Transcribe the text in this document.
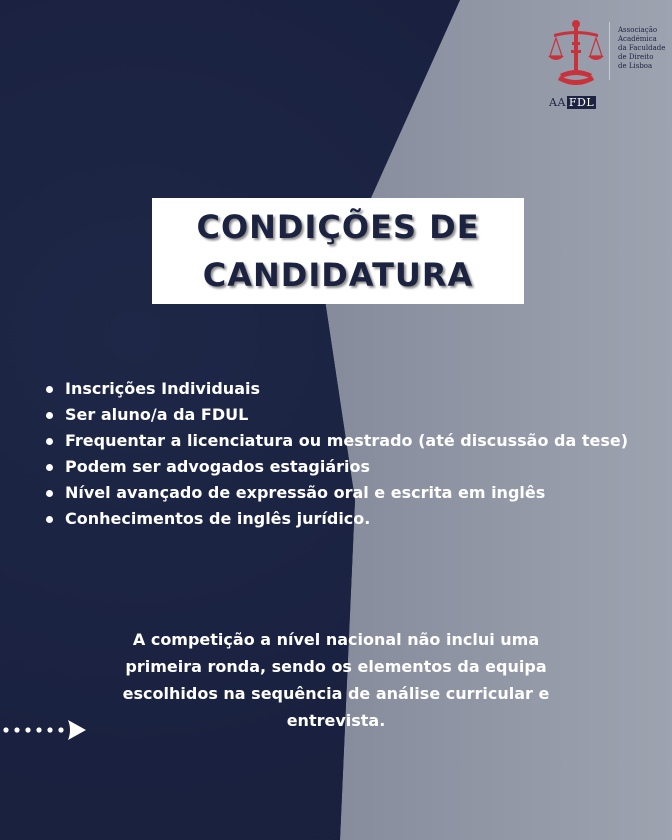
Associação
Académica
da Faculdade
de Direito
de Lisboa
AA FDL
CONDIÇÕES DE
CANDIDATURA
Inscrições Individuais
Ser aluno/a da FDUL
Frequentar a licenciatura ou mestrado (até discussão da tese)
Podem ser advogados estagiários
Nível avançado de expressão oral e escrita em inglês
Conhecimentos de inglês jurídico.
A competição a nível nacional não inclui uma primeira ronda, sendo os elementos da equipa escolhidos na sequência de análise curricular e entrevista.
